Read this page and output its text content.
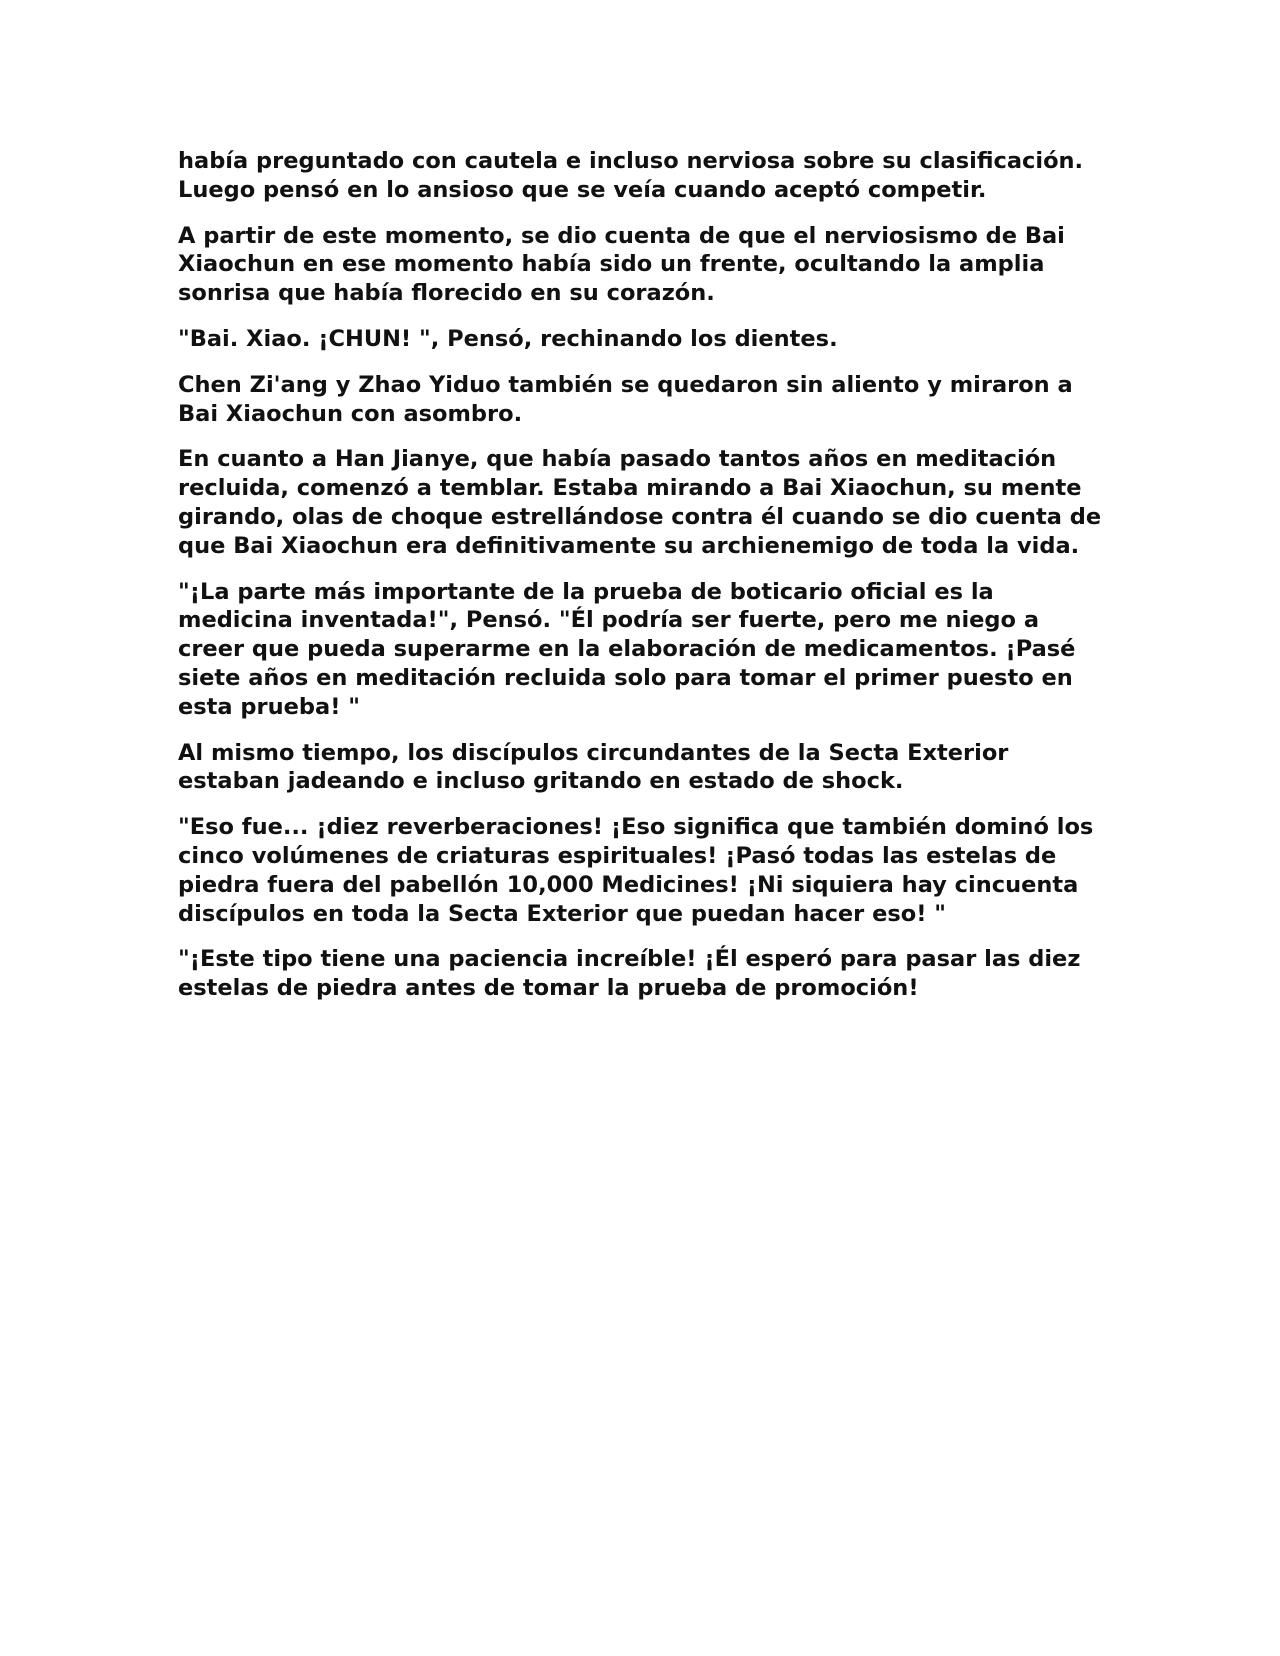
había preguntado con cautela e incluso nerviosa sobre su clasificación. Luego pensó en lo ansioso que se veía cuando aceptó competir.

A partir de este momento, se dio cuenta de que el nerviosismo de Bai Xiaochun en ese momento había sido un frente, ocultando la amplia sonrisa que había florecido en su corazón.

"Bai. Xiao. ¡CHUN! ", Pensó, rechinando los dientes.

Chen Zi'ang y Zhao Yiduo también se quedaron sin aliento y miraron a Bai Xiaochun con asombro.

En cuanto a Han Jianye, que había pasado tantos años en meditación recluida, comenzó a temblar. Estaba mirando a Bai Xiaochun, su mente girando, olas de choque estrellándose contra él cuando se dio cuenta de que Bai Xiaochun era definitivamente su archienemigo de toda la vida.

"¡La parte más importante de la prueba de boticario oficial es la medicina inventada!", Pensó. "Él podría ser fuerte, pero me niego a creer que pueda superarme en la elaboración de medicamentos. ¡Pasé siete años en meditación recluida solo para tomar el primer puesto en esta prueba! "

Al mismo tiempo, los discípulos circundantes de la Secta Exterior estaban jadeando e incluso gritando en estado de shock.

"Eso fue... ¡diez reverberaciones! ¡Eso significa que también dominó los cinco volúmenes de criaturas espirituales! ¡Pasó todas las estelas de piedra fuera del pabellón 10,000 Medicines! ¡Ni siquiera hay cincuenta discípulos en toda la Secta Exterior que puedan hacer eso! "

"¡Este tipo tiene una paciencia increíble! ¡Él esperó para pasar las diez estelas de piedra antes de tomar la prueba de promoción!
